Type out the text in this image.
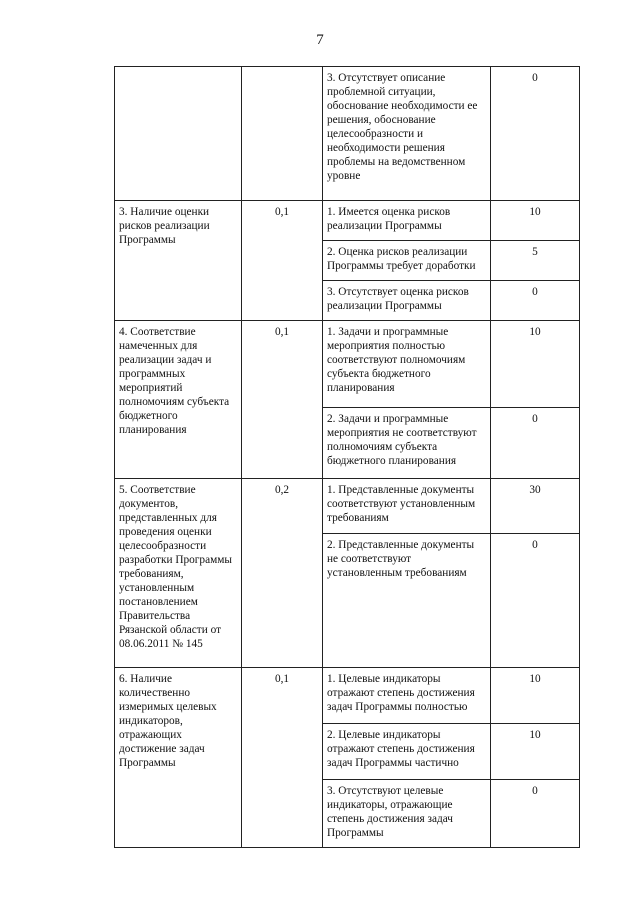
7
		3. Отсутствует описание проблемной ситуации, обоснование необходимости ее решения, обоснование целесообразности и необходимости решения проблемы на ведомственном уровне	0
3. Наличие оценки рисков реализации Программы	0,1	1. Имеется оценка рисков реализации Программы	10
		2. Оценка рисков реализации Программы требует доработки	5
		3. Отсутствует оценка рисков реализации Программы	0
4. Соответствие намеченных для реализации задач и программных мероприятий полномочиям субъекта бюджетного планирования	0,1	1. Задачи и программные мероприятия полностью соответствуют полномочиям субъекта бюджетного планирования	10
		2. Задачи и программные мероприятия не соответствуют полномочиям субъекта бюджетного планирования	0
5. Соответствие документов, представленных для проведения оценки целесообразности разработки Программы требованиям, установленным постановлением Правительства Рязанской области от 08.06.2011 № 145	0,2	1. Представленные документы соответствуют установленным требованиям	30
		2. Представленные документы не соответствуют установленным требованиям	0
6. Наличие количественно измеримых целевых индикаторов, отражающих достижение задач Программы	0,1	1. Целевые индикаторы отражают степень достижения задач Программы полностью	10
		2. Целевые индикаторы отражают степень достижения задач Программы частично	10
		3. Отсутствуют целевые индикаторы, отражающие степень достижения задач Программы	0
